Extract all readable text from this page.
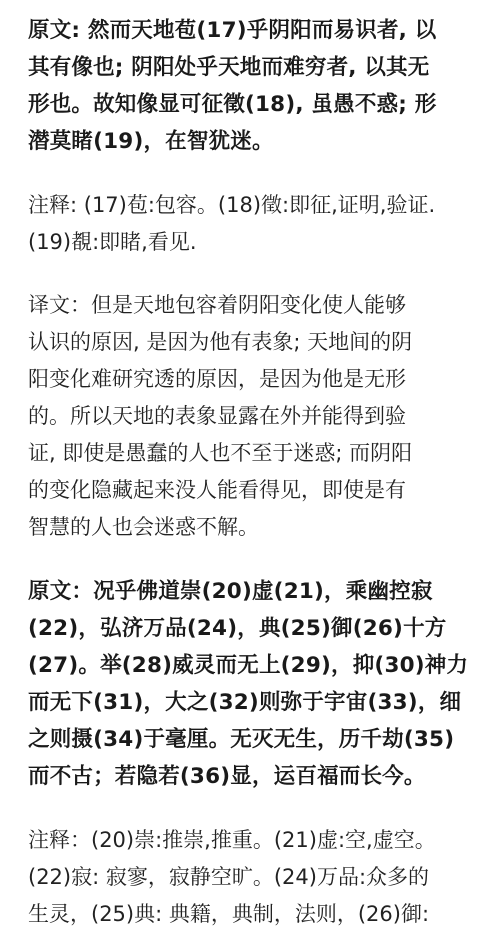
原文: 然而天地苞(17)乎阴阳而易识者, 以
其有像也; 阴阳处乎天地而难穷者, 以其无
形也。故知像显可征徵(18), 虽愚不惑; 形
潜莫睹(19)，在智犹迷。

注释: (17)苞:包容。(18)徵:即征,证明,验证.
(19)覩:即睹,看见.

译文：但是天地包容着阴阳变化使人能够
认识的原因, 是因为他有表象; 天地间的阴
阳变化难研究透的原因，是因为他是无形
的。所以天地的表象显露在外并能得到验
证, 即使是愚蠢的人也不至于迷惑; 而阴阳
的变化隐藏起来没人能看得见，即使是有
智慧的人也会迷惑不解。

原文：况乎佛道崇(20)虚(21)，乘幽控寂
(22)，弘济万品(24)，典(25)御(26)十方
(27)。举(28)威灵而无上(29)，抑(30)神力
而无下(31)，大之(32)则弥于宇宙(33)，细
之则摄(34)于毫厘。无灭无生，历千劫(35)
而不古；若隐若(36)显，运百福而长今。

注释：(20)崇:推崇,推重。(21)虚:空,虚空。
(22)寂: 寂寥，寂静空旷。(24)万品:众多的
生灵，(25)典: 典籍，典制，法则，(26)御:
